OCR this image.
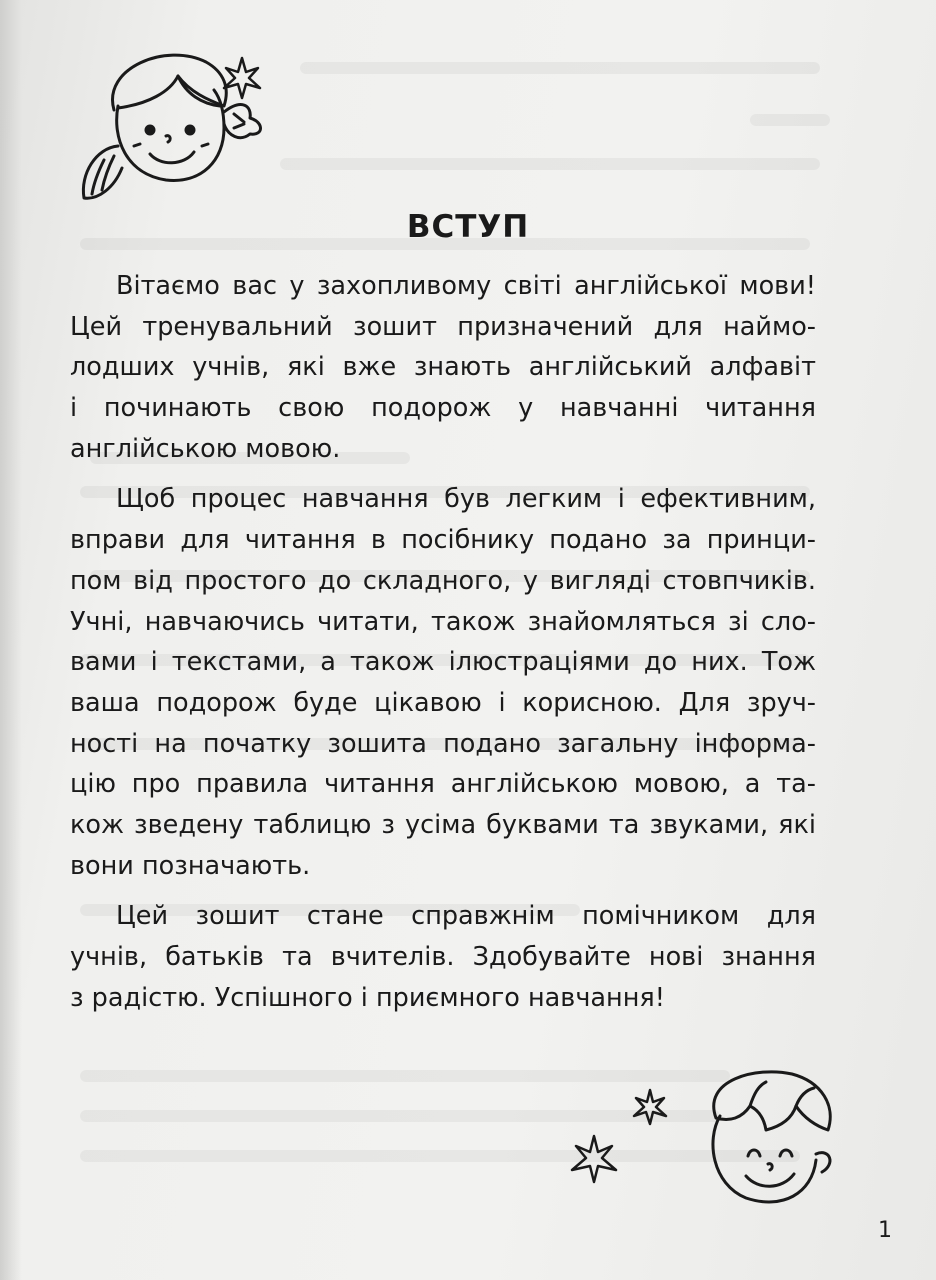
ВСТУП

Вітаємо вас у захопливому світі англійської мови!
Цей тренувальний зошит призначений для наймо-
лодших учнів, які вже знають англійський алфавіт
і починають свою подорож у навчанні читання
англійською мовою.

Щоб процес навчання був легким і ефективним,
вправи для читання в посібнику подано за принци-
пом від простого до складного, у вигляді стовпчиків.
Учні, навчаючись читати, також знайомляться зі сло-
вами і текстами, а також ілюстраціями до них. Тож
ваша подорож буде цікавою і корисною. Для зруч-
ності на початку зошита подано загальну інформа-
цію про правила читання англійською мовою, а та-
кож зведену таблицю з усіма буквами та звуками, які
вони позначають.

Цей зошит стане справжнім помічником для
учнів, батьків та вчителів. Здобувайте нові знання
з радістю. Успішного і приємного навчання!

1
